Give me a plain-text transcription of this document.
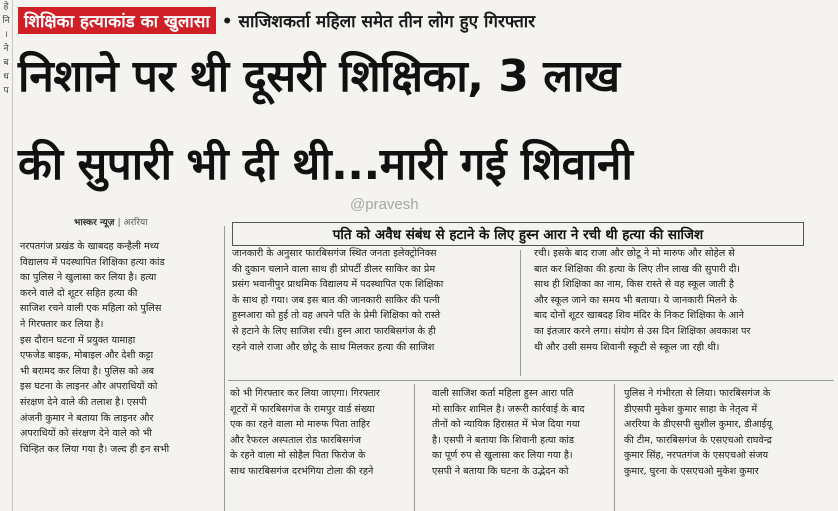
हे
नि
।
ने
ब
ध
प
शिक्षिका हत्याकांड का खुलासा • साजिशकर्ता महिला समेत तीन लोग हुए गिरफ्तार
निशाने पर थी दूसरी शिक्षिका, 3 लाख
की सुपारी भी दी थी...मारी गई शिवानी
भास्कर न्यूज़ | अररिया
@pravesh
पति को अवैध संबंध से हटाने के लिए हुस्न आरा ने रची थी हत्या की साजिश
नरपतगंज प्रखंड के खाबदह कन्हैली मध्य
विद्यालय में पदस्थापित शिक्षिका हत्या कांड
का पुलिस ने खुलासा कर लिया है। हत्या
करने वाले दो शूटर सहित हत्या की
साजिश रचने वाली एक महिला को पुलिस
ने गिरफ्तार कर लिया है।
इस दौरान घटना में प्रयुक्त यामाहा
एफजेड बाइक, मोबाइल और देशी कट्टा
भी बरामद कर लिया है। पुलिस को अब
इस घटना के लाइनर और अपराधियों को
संरक्षण देने वाले की तलाश है। एसपी
अंजनी कुमार ने बताया कि लाइनर और
अपराधियों को संरक्षण देने वाले को भी
चिन्हित कर लिया गया है। जल्द ही इन सभी
जानकारी के अनुसार फारबिसगंज स्थित जनता इलेक्ट्रोनिक्स
की दुकान चलाने वाला साथ ही प्रोपर्टी डीलर साकिर का प्रेम
प्रसंग भवानीपुर प्राथमिक विद्यालय में पदस्थापित एक शिक्षिका
के साथ हो गया। जब इस बात की जानकारी साकिर की पत्नी
हुस्नआरा को हुई तो वह अपने पति के प्रेमी शिक्षिका को रास्ते
से हटाने के लिए साजिश रची। हुस्न आरा फारबिसगंज के ही
रहने वाले राजा और छोटू के साथ मिलकर हत्या की साजिश
रची। इसके बाद राजा और छोटू ने मो मारुफ और सोहेल से
बात कर शिक्षिका की हत्या के लिए तीन लाख की सुपारी दी।
साथ ही शिक्षिका का नाम, किस रास्ते से वह स्कूल जाती है
और स्कूल जाने का समय भी बताया। ये जानकारी मिलने के
बाद दोनों शूटर खाबदह शिव मंदिर के निकट शिक्षिका के आने
का इंतजार करने लगा। संयोग से उस दिन शिक्षिका अवकाश पर
थी और उसी समय शिवानी स्कूटी से स्कूल जा रही थी।
को भी गिरफ्तार कर लिया जाएगा। गिरफ्तार
शूटरों में फारबिसगंज के रामपुर वार्ड संख्या
एक का रहने वाला मो मारुफ पिता ताहिर
और रैफरल अस्पताल रोड फारबिसगंज
के रहने वाला मो सोहैल पिता फिरोज के
साथ फारबिसगंज दरभंगिया टोला की रहने
वाली साजिश कर्ता महिला हुस्न आरा पति
मो साकिर शामिल है। जरूरी कार्रवाई के बाद
तीनों को न्यायिक हिरासत में भेज दिया गया
है। एसपी ने बताया कि शिवानी हत्या कांड
का पूर्ण रुप से खुलासा कर लिया गया है।
एसपी ने बताया कि घटना के उद्भेदन को
पुलिस ने गंभीरता से लिया। फारबिसगंज के
डीएसपी मुकेश कुमार साहा के नेतृत्व में
अररिया के डीएसपी सुशील कुमार, डीआईयू
की टीम, फारबिसगंज के एसएचओ राघवेन्द्र
कुमार सिंह, नरपतगंज के एसएचओ संजय
कुमार, घुरना के एसएचओ मुकेश कुमार
